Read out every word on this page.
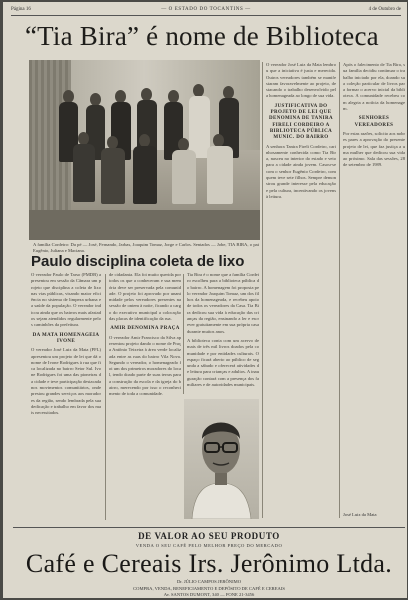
Página 16	— O ESTADO DO TOCANTINS —	4 de Outubro de
“Tia Bira” é nome de Biblioteca
A família Cordeiro: Da pé — José, Fernando, Jarbas, Joaquim Tomaz, Jorge e Carlos. Sentados — Jobe, TIA BIRA, o pai Eugênio, Juliana e Maciana.
Paulo disciplina coleta de lixo

O vereador Paulo de Tarso (PMDB) apresentou em sessão da Câmara um projeto que disciplina a coleta de lixo nas vias públicas, visando maior eficiência no sistema de limpeza urbana e a saúde da população. O vereador indicou ainda que os bairros mais afastados sejam atendidos regularmente pelos caminhões da prefeitura.

DA MATA HOMENAGEIA IVONE

O vereador José Luiz da Mata (PFL) apresentou um projeto de lei que dá o nome de Ivone Rodrigues à rua que fica localizada no bairro Setor Sul. Ivone Rodrigues foi uma das pioneiras da cidade e teve participação destacada nos movimentos comunitários, onde prestou grandes serviços aos moradores da região, sendo lembrada pela sua dedicação e trabalho em favor dos mais necessitados.

de cidadania. Ela foi muito querida por todos os que a conheceram e sua memória deve ser preservada pela comunidade. O projeto foi aprovado por unanimidade pelos vereadores presentes na sessão de ontem à noite, ficando a cargo do executivo municipal a colocação das placas de identificação da rua.

AMIR DENOMINA PRAÇA

O vereador Amir Francisco da Silva apresentou projeto dando o nome de Praça Antônio Teixeira à área verde localizada entre as ruas do bairro Vila Nova. Segundo o vereador, o homenageado foi um dos primeiros moradores do local, tendo doado parte de suas terras para a construção da escola e da igreja do bairro, merecendo por isso o reconhecimento de toda a comunidade.

Tia Bira é o nome que a família Cordeiro escolheu para a biblioteca pública do bairro. A homenagem foi proposta pelo vereador Joaquim Tomaz, um dos filhos da homenageada, e recebeu apoio de todos os vereadores da Casa. Tia Bira dedicou sua vida à educação das crianças da região, ensinando a ler e escrever gratuitamente em sua própria casa durante muitos anos.

A biblioteca conta com um acervo de mais de três mil livros doados pela comunidade e por entidades culturais. O espaço ficará aberto ao público de segunda a sábado e oferecerá atividades de leitura para crianças e adultos. A inauguração contará com a presença dos familiares e de autoridades municipais.

O vereador José Luiz da Mata lembrou que a iniciativa é justa e merecida. Outros vereadores também se manifestaram favoravelmente ao projeto, destacando o trabalho desenvolvido pela homenageada ao longo de sua vida.

JUSTIFICATIVA DO PROJETO DE LEI QUE DENOMINA DE TANIRA FIRELI CORDEIRO A BIBLIOTECA PÚBLICA MUNIC. DO BAIRRO

A senhora Tanira Fireli Cordeiro, carinhosamente conhecida como Tia Bira, nasceu no interior do estado e veio para a cidade ainda jovem. Casou-se com o senhor Eugênio Cordeiro, com quem teve sete filhos. Sempre demonstrou grande interesse pela educação e pela cultura, incentivando os jovens à leitura.

Após o falecimento de Tia Bira, sua família decidiu continuar o trabalho iniciado por ela, doando sua coleção particular de livros para formar o acervo inicial da biblioteca. A comunidade recebeu com alegria a notícia da homenagem.

SENHORES VEREADORES

Por estas razões, solicito aos nobres pares a aprovação do presente projeto de lei, que faz justiça a uma mulher que dedicou sua vida ao próximo. Sala das sessões, 28 de setembro de 1989.

José Luiz da Mata
DE VALOR AO SEU PRODUTO
VENDA O SEU CAFÉ PELO MELHOR PREÇO DO MERCADO
Café e Cereais Irs. Jerônimo Ltda.
Dr. JÚLIO CAMPOS JERÔNIMO
COMPRA, VENDA, BENEFICIAMENTO E DEPÓSITO DE CAFÉ E CEREAIS
Av. SANTOS DUMONT, 340 — FONE 21-3456
